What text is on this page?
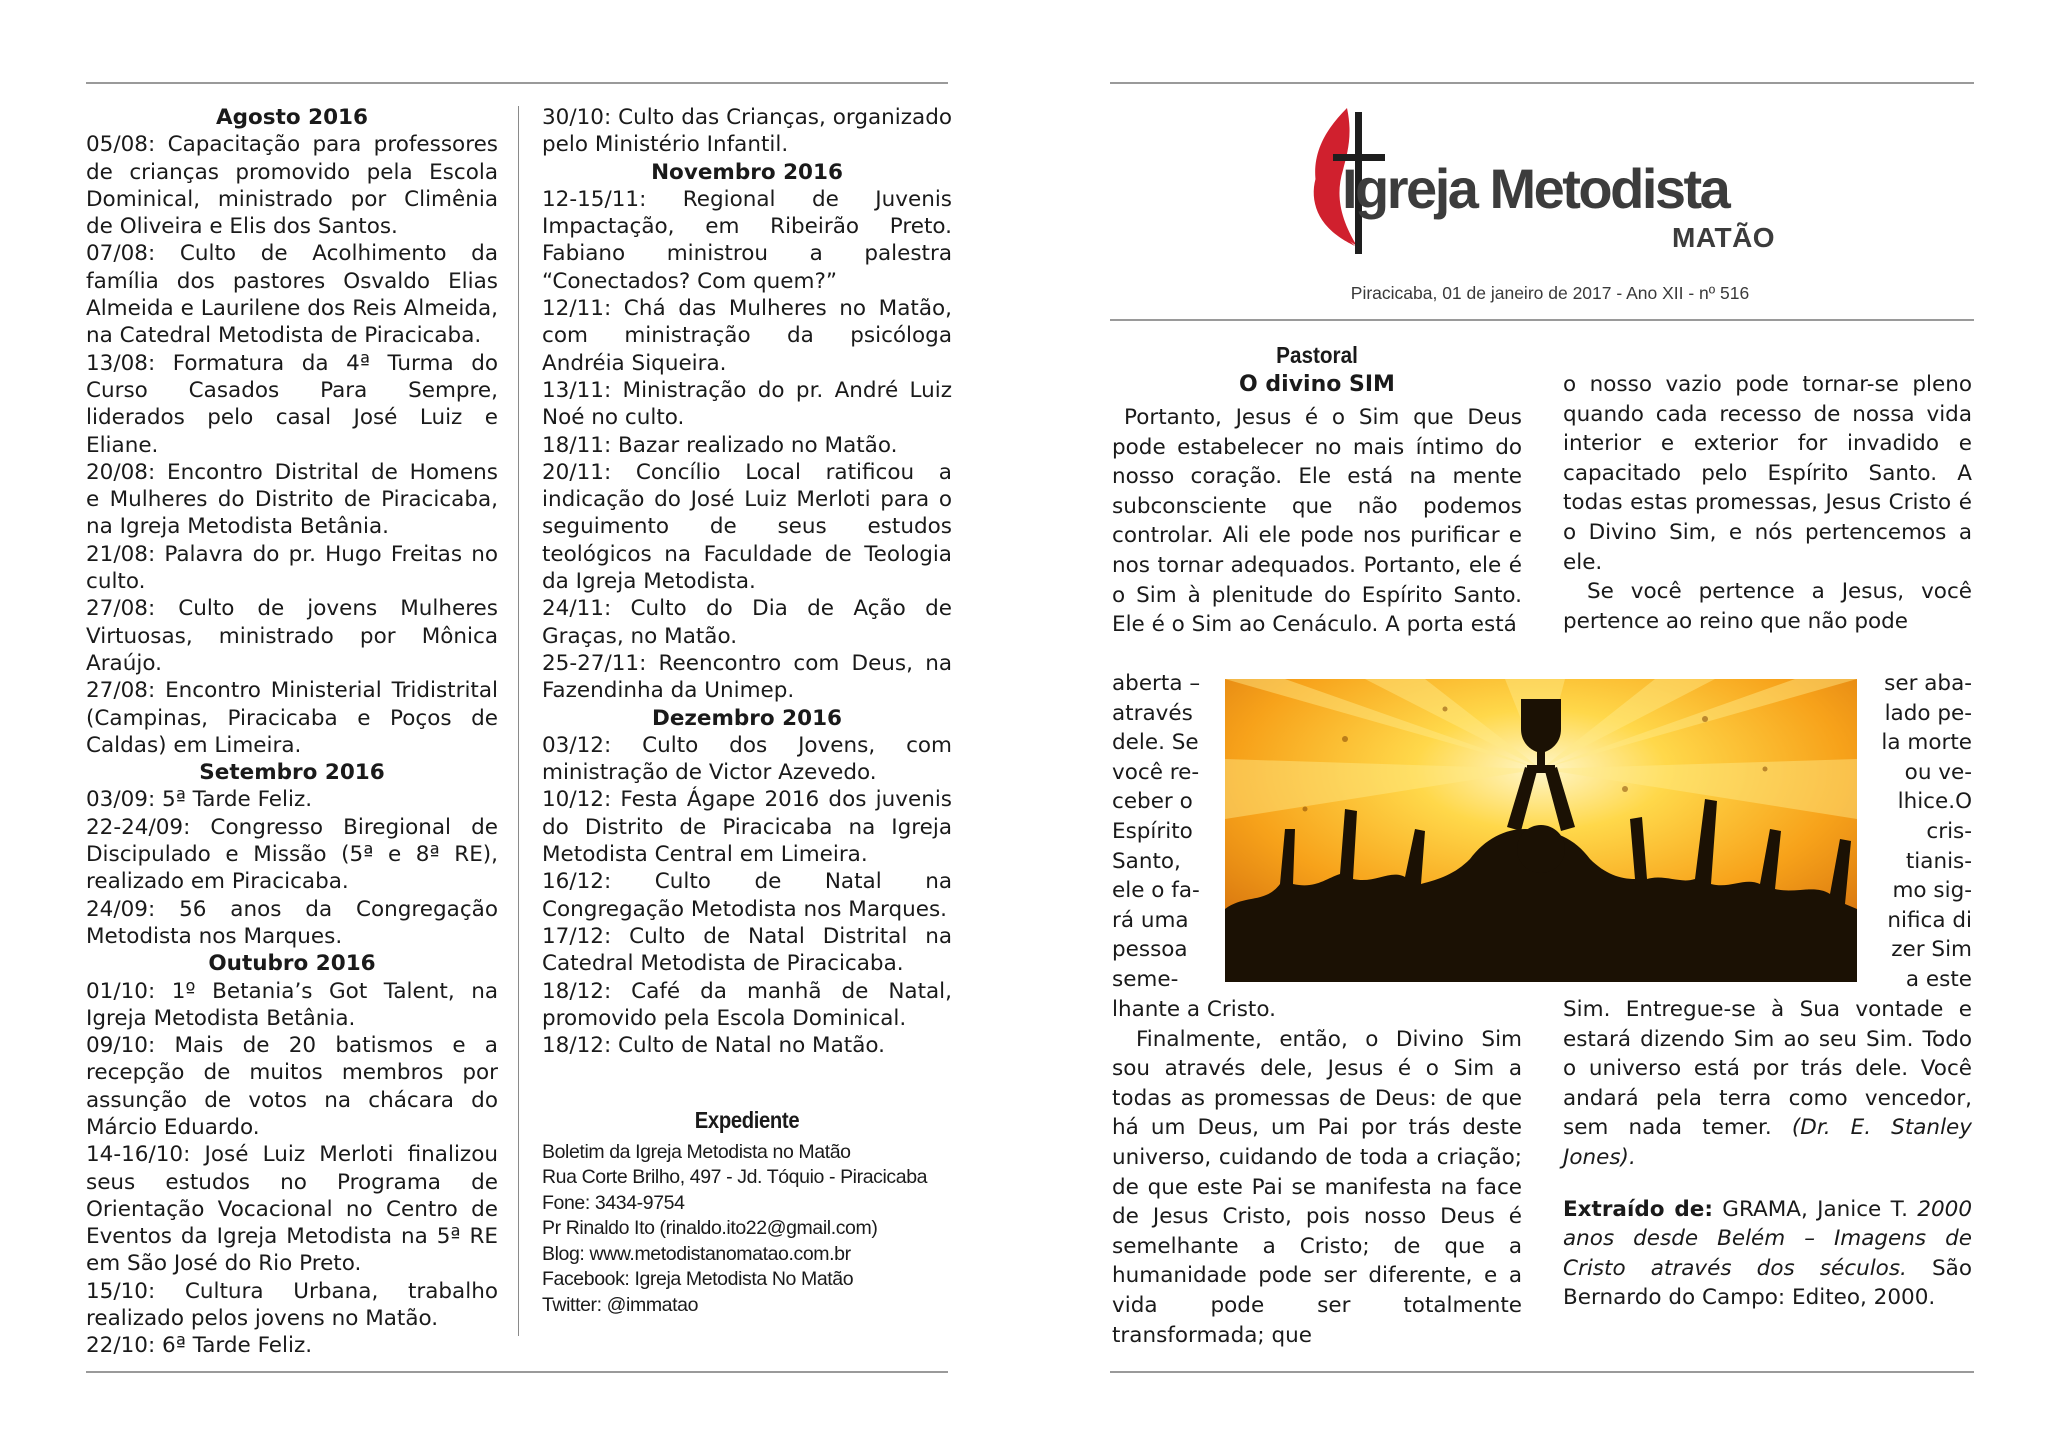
Agosto 2016

05/08: Capacitação para professores de crianças promovido pela Escola Dominical, ministrado por Climênia de Oliveira e Elis dos Santos.

07/08: Culto de Acolhimento da família dos pastores Osvaldo Elias Almeida e Laurilene dos Reis Almeida, na Catedral Metodista de Piracicaba.

13/08: Formatura da 4ª Turma do Curso Casados Para Sempre, liderados pelo casal José Luiz e Eliane.

20/08: Encontro Distrital de Homens e Mulheres do Distrito de Piracicaba, na Igreja Metodista Betânia.

21/08: Palavra do pr. Hugo Freitas no culto.

27/08: Culto de jovens Mulheres Virtuosas, ministrado por Mônica Araújo.

27/08: Encontro Ministerial Tridistrital (Campinas, Piracicaba e Poços de Caldas) em Limeira.

Setembro 2016

03/09: 5ª Tarde Feliz.

22-24/09: Congresso Biregional de Discipulado e Missão (5ª e 8ª RE), realizado em Piracicaba.

24/09: 56 anos da Congregação Metodista nos Marques.

Outubro 2016

01/10: 1º Betania’s Got Talent, na Igreja Metodista Betânia.

09/10: Mais de 20 batismos e a recepção de muitos membros por assunção de votos na chácara do Márcio Eduardo.

14-16/10: José Luiz Merloti finalizou seus estudos no Programa de Orientação Vocacional no Centro de Eventos da Igreja Metodista na 5ª RE em São José do Rio Preto.

15/10: Cultura Urbana, trabalho realizado pelos jovens no Matão.

22/10: 6ª Tarde Feliz.

30/10: Culto das Crianças, organizado pelo Ministério Infantil.

Novembro 2016

12-15/11: Regional de Juvenis Impactação, em Ribeirão Preto. Fabiano ministrou a palestra “Conectados? Com quem?”

12/11: Chá das Mulheres no Matão, com ministração da psicóloga Andréia Siqueira.

13/11: Ministração do pr. André Luiz Noé no culto.

18/11: Bazar realizado no Matão.

20/11: Concílio Local ratificou a indicação do José Luiz Merloti para o seguimento de seus estudos teológicos na Faculdade de Teologia da Igreja Metodista.

24/11: Culto do Dia de Ação de Graças, no Matão.

25-27/11: Reencontro com Deus, na Fazendinha da Unimep.

Dezembro 2016

03/12: Culto dos Jovens, com ministração de Victor Azevedo.

10/12: Festa Ágape 2016 dos juvenis do Distrito de Piracicaba na Igreja Metodista Central em Limeira.

16/12: Culto de Natal na Congregação Metodista nos Marques.

17/12: Culto de Natal Distrital na Catedral Metodista de Piracicaba.

18/12: Café da manhã de Natal, promovido pela Escola Dominical.

18/12: Culto de Natal no Matão.

Expediente
Boletim da Igreja Metodista no Matão
Rua Corte Brilho, 497 - Jd. Tóquio - Piracicaba
Fone: 3434-9754
Pr Rinaldo Ito (rinaldo.ito22@gmail.com)
Blog: www.metodistanomatao.com.br
Facebook: Igreja Metodista No Matão
Twitter: @immatao
Igreja Metodista
MATÃO
Piracicaba, 01 de janeiro de 2017 - Ano XII - nº 516
Pastoral
O divino SIM

Portanto, Jesus é o Sim que Deus pode estabelecer no mais íntimo do nosso coração. Ele está na mente subconsciente que não podemos controlar. Ali ele pode nos purificar e nos tornar adequados. Portanto, ele é o Sim à plenitude do Espírito Santo. Ele é o Sim ao Cenáculo. A porta está

aberta –
através
dele. Se
você re-
ceber o
Espírito
Santo,
ele o fa-
rá uma
pessoa
seme-

lhante a Cristo.

Finalmente, então, o Divino Sim sou através dele, Jesus é o Sim a todas as promessas de Deus: de que há um Deus, um Pai por trás deste universo, cuidando de toda a criação; de que este Pai se manifesta na face de Jesus Cristo, pois nosso Deus é semelhante a Cristo; de que a humanidade pode ser diferente, e a vida pode ser totalmente transformada; que

o nosso vazio pode tornar-se pleno quando cada recesso de nossa vida interior e exterior for invadido e capacitado pelo Espírito Santo. A todas estas promessas, Jesus Cristo é o Divino Sim, e nós pertencemos a ele.

Se você pertence a Jesus, você pertence ao reino que não pode

ser aba-
lado pe-
la morte
ou ve-
lhice.O
cris-
tianis-
mo sig-
nifica di
zer Sim
a este

Sim. Entregue-se à Sua vontade e estará dizendo Sim ao seu Sim. Todo o universo está por trás dele. Você andará pela terra como vencedor, sem nada temer. (Dr. E. Stanley Jones).

Extraído de: GRAMA, Janice T. 2000 anos desde Belém – Imagens de Cristo através dos séculos. São Bernardo do Campo: Editeo, 2000.
